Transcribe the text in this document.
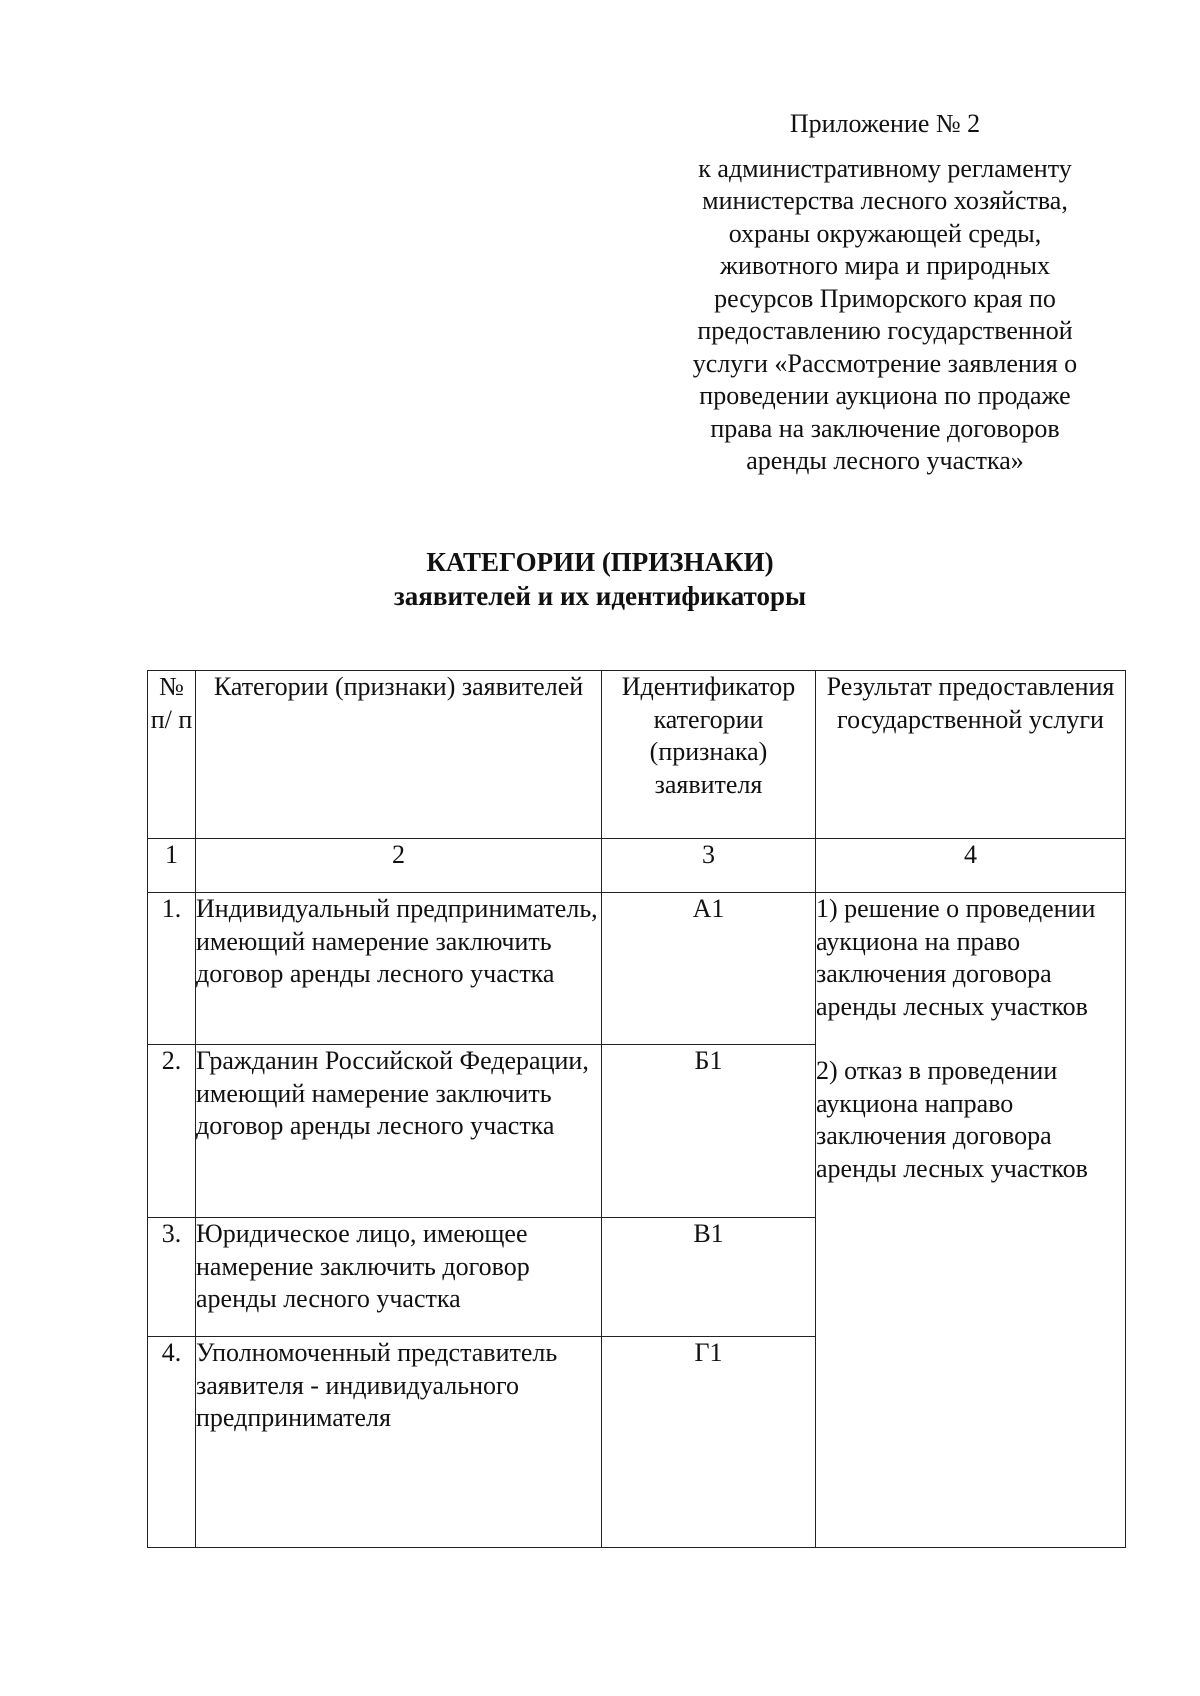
Приложение № 2
к административному регламенту
министерства лесного хозяйства,
охраны окружающей среды,
животного мира и природных
ресурсов Приморского края по
предоставлению государственной
услуги «Рассмотрение заявления о
проведении аукциона по продаже
права на заключение договоров
аренды лесного участка»
КАТЕГОРИИ (ПРИЗНАКИ)
заявителей и их идентификаторы
№ п/ п	Категории (признаки) заявителей	Идентификатор категории (признака) заявителя	Результат предоставления государственной услуги
1	2	3	4
1.	Индивидуальный предприниматель, имеющий намерение заключить договор аренды лесного участка	А1	1) решение о проведении аукциона на право заключения договора аренды лесных участков
2) отказ в проведении аукциона направо заключения договора аренды лесных участков

2.	Гражданин Российской Федерации, имеющий намерение заключить договор аренды лесного участка	Б1	
3.	Юридическое лицо, имеющее намерение заключить договор аренды лесного участка	В1	
4.	Уполномоченный представитель заявителя - индивидуального предпринимателя	Г1	
